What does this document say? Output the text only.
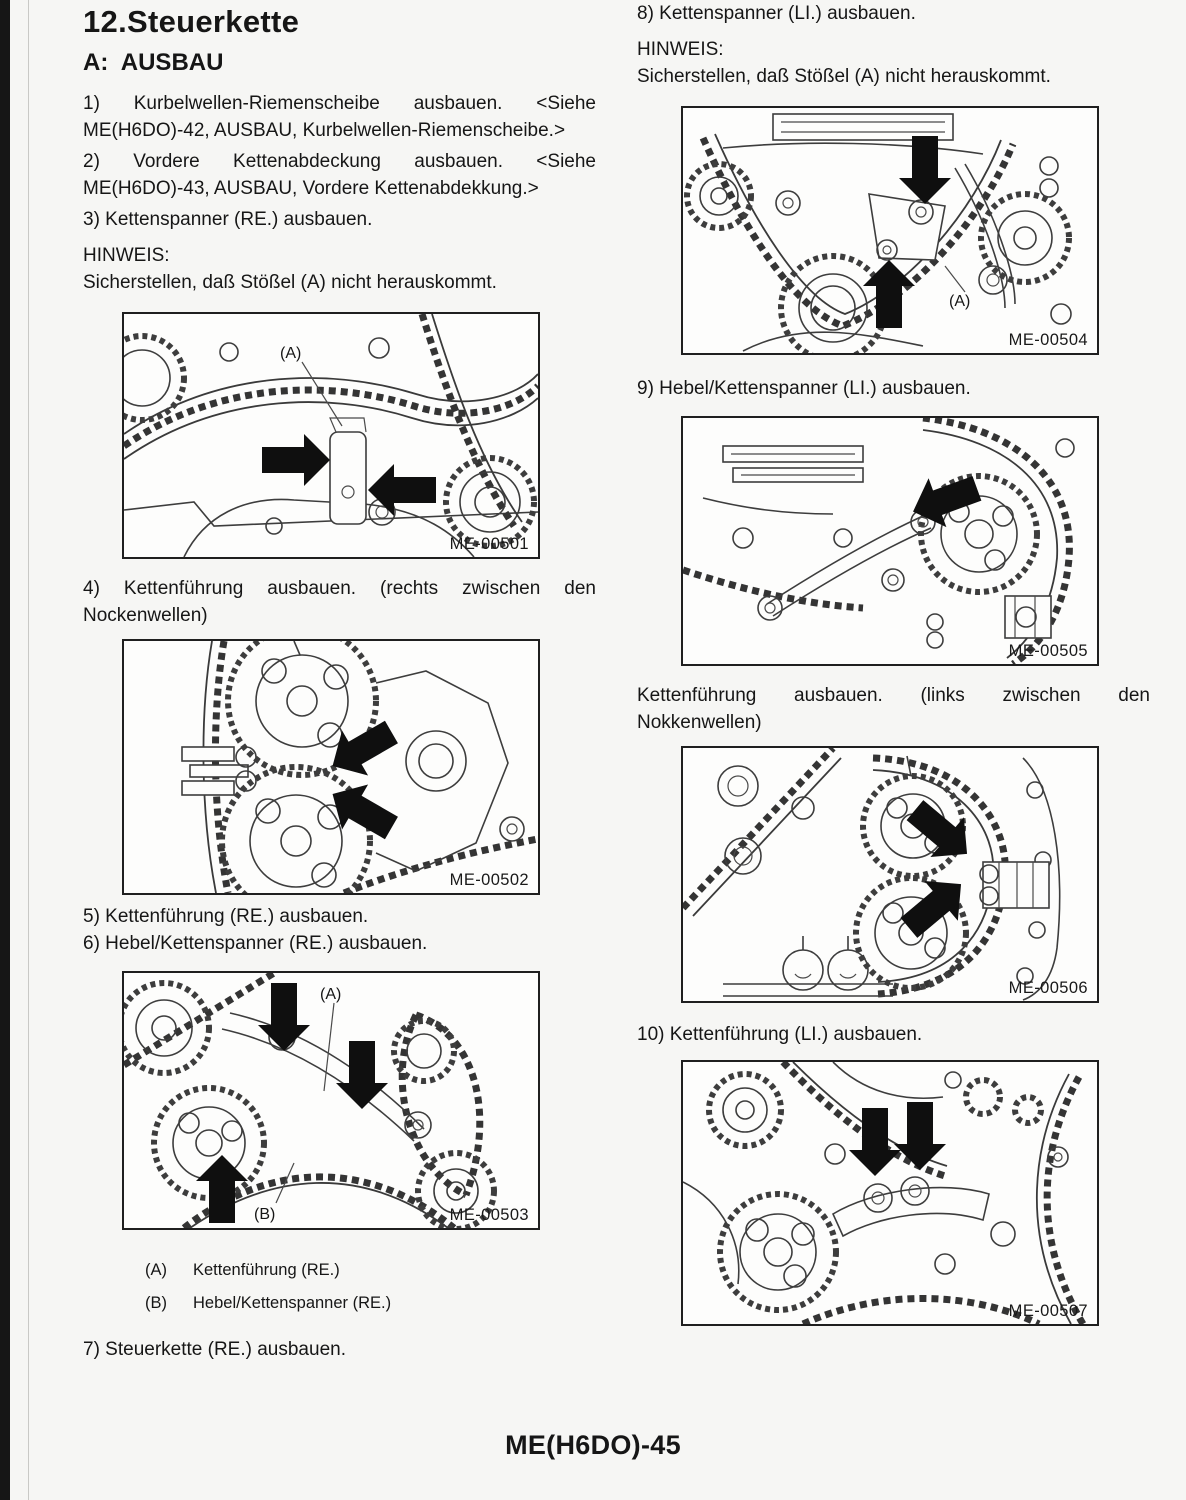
12.Steuerkette
A:  AUSBAU

1) Kurbelwellen-Riemenscheibe ausbauen. <Siehe ME(H6DO)-42, AUSBAU, Kurbelwellen-Riemenscheibe.>

2) Vordere Kettenabdeckung ausbauen. <Siehe ME(H6DO)-43, AUSBAU, Vordere Kettenabdekkung.>

3) Kettenspanner (RE.) ausbauen.

HINWEIS:

Sicherstellen, daß Stößel (A) nicht herauskommt.

(A)
ME-00501

4) Kettenführung ausbauen. (rechts zwischen den Nockenwellen)

ME-00502

5) Kettenführung (RE.) ausbauen.

6) Hebel/Kettenspanner (RE.) ausbauen.

(A)
(B)	ME-00503
(A)	Kettenführung (RE.)
(B)	Hebel/Kettenspanner (RE.)

7) Steuerkette (RE.) ausbauen.

8) Kettenspanner (LI.) ausbauen.

HINWEIS:

Sicherstellen, daß Stößel (A) nicht herauskommt.

(A)
ME-00504

9) Hebel/Kettenspanner (LI.) ausbauen.

ME-00505

Kettenführung ausbauen. (links zwischen den Nokkenwellen)

ME-00506

10) Kettenführung (LI.) ausbauen.

ME-00507
ME(H6DO)-45
